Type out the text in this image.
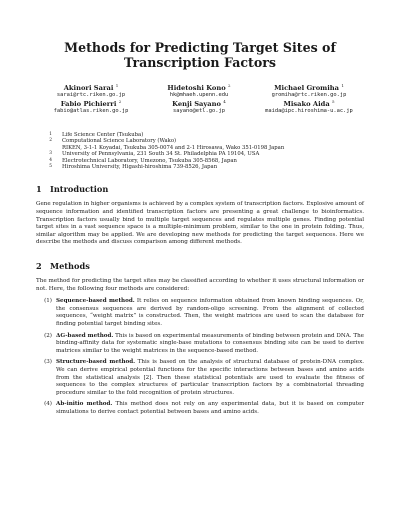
Methods for Predicting Target Sites of
Transcription Factors
Akinori Sarai $^1$
sarai@rtc.riken.go.jp
Hidetoshi Kono $^2$
hk@mhaeh.upenn.edu
Michael Gromiha $^1$
gromiha@rtc.riken.go.jp
Fabio Pichierri $^2$
fabio@atlas.riken.go.jp
Kenji Sayano $^4$
sayano@etl.go.jp
Misako Aida $^5$
maida@ipc.hiroshima-u.ac.jp
1	Life Science Center (Tsukuba)
2	Computational Science Laboratory (Wako)
RIKEN, 3-1-1 Koyadai, Tsukuba 305-0074 and 2-1 Hirosawa, Wako 351-0198 Japan
3	University of Pennsylvania, 231 South 34 St. Philadelphia PA 19104, USA
4	Electrotechnical Laboratory, Umezono, Tsukuba 305-8568, Japan
5	Hiroshima University, Higashi-hiroshima 739-8526, Japan
1 Introduction

Gene regulation in higher organisms is achieved by a complex system of transcription factors. Explosive amount of sequence information and identified transcription factors are presenting a great challenge to bioinformatics. Transcription factors usually bind to multiple target sequences and regulates multiple genes. Finding potential target sites in a vast sequence space is a multiple-minimum problem, similar to the one in protein folding. Thus, similar algorithm may be applied. We are developing new methods for predicting the target sequences. Here we describe the methods and discuss comparison among different methods.

2 Methods

The method for predicting the target sites may be classified according to whether it uses structural information or not. Here, the following four methods are considered:

(1) Sequence-based method. It relies on sequence information obtained from known binding sequences. Or, the consensus sequences are derived by random-oligo screening. From the alignment of collected sequences, “weight matrix” is constructed. Then, the weight matrices are used to scan the database for finding potential target binding sites.
(2) ΔG-based method. This is based on experimental measurements of binding between protein and DNA. The binding-affinity data for systematic single-base mutations to consensus binding site can be used to derive matrices similar to the weight matrices in the sequence-based method.
(3) Structure-based method. This is based on the analysis of structural database of protein-DNA complex. We can derive empirical potential functions for the specific interactions between bases and amino acids from the statistical analysis [2]. Then these statistical potentials are used to evaluate the fitness of sequences to the complex structures of particular transcription factors by a combinatorial threading procedure similar to the fold recognition of protein structures.
(4) Ab-initio method. This method does not rely on any experimental data, but it is based on computer simulations to derive contact potential between bases and amino acids.
